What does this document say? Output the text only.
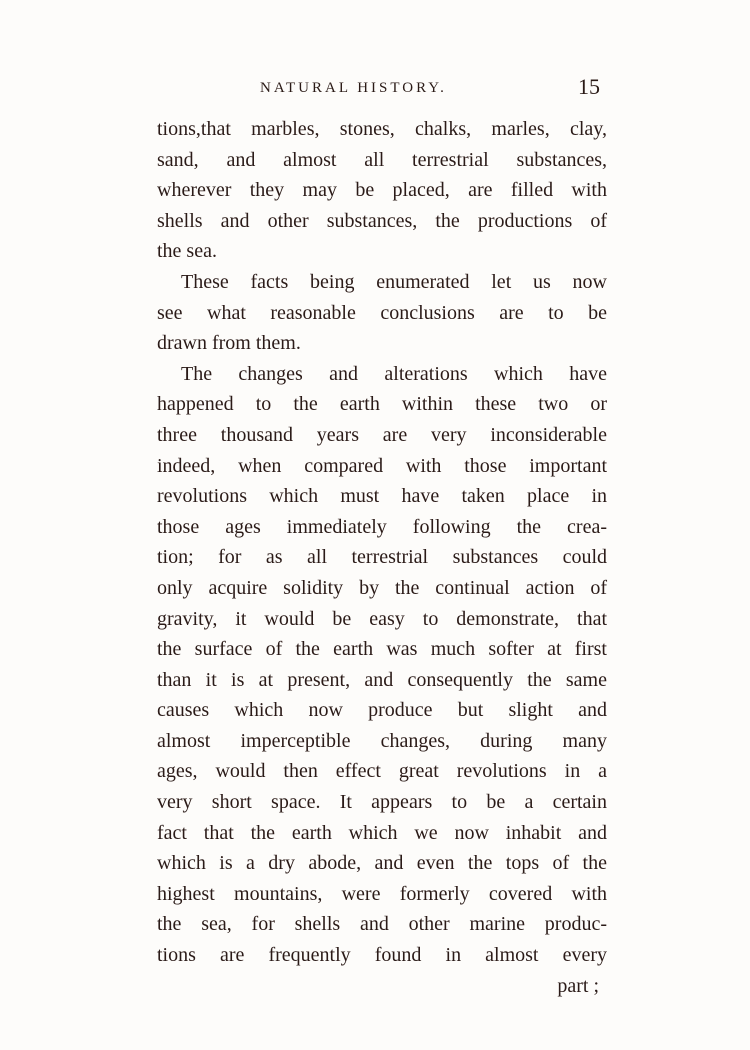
NATURAL HISTORY.	15
tions,that marbles, stones, chalks, marles, clay,
sand, and almost all terrestrial substances,
wherever they may be placed, are filled with
shells and other substances, the productions of
the sea.
These facts being enumerated let us now
see what reasonable conclusions are to be
drawn from them.
The changes and alterations which have
happened to the earth within these two or
three thousand years are very inconsiderable
indeed, when compared with those important
revolutions which must have taken place in
those ages immediately following the crea-
tion; for as all terrestrial substances could
only acquire solidity by the continual action of
gravity, it would be easy to demonstrate, that
the surface of the earth was much softer at first
than it is at present, and consequently the same
causes which now produce but slight and
almost imperceptible changes, during many
ages, would then effect great revolutions in a
very short space. It appears to be a certain
fact that the earth which we now inhabit and
which is a dry abode, and even the tops of the
highest mountains, were formerly covered with
the sea, for shells and other marine produc-
tions are frequently found in almost every
part ;
